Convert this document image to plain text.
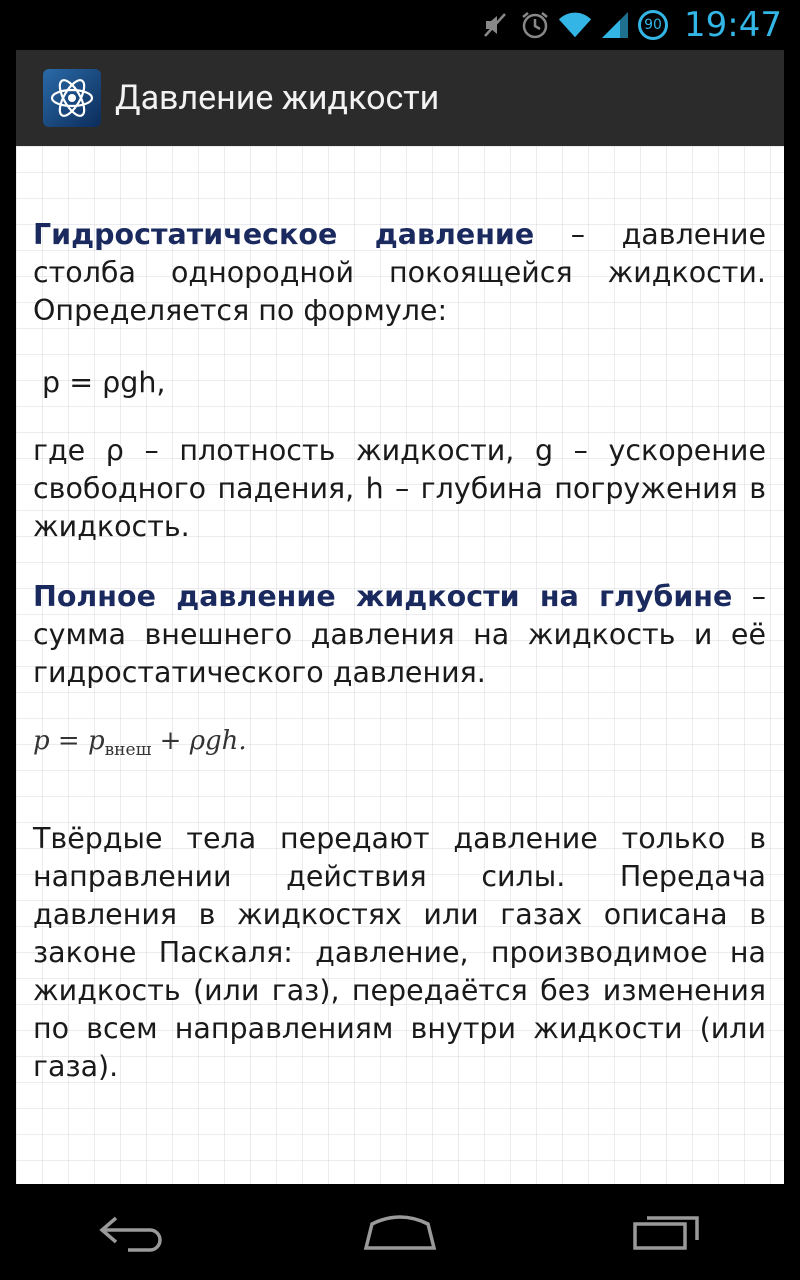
90 19:47
Давление жидкости
Гидростатическое давление – давление столба однородной покоящейся жидкости. Определяется по формуле:
p = ρgh,
где ρ – плотность жидкости, g – ускорение свободного падения, h – глубина погружения в жидкость.
Полное давление жидкости на глубине – сумма внешнего давления на жидкость и её гидростатического давления.
$p = p_{внеш} + \rho gh$.
Твёрдые тела передают давление только в направлении действия силы. Передача давления в жидкостях или газах описана в законе Паскаля: давление, производимое на жидкость (или газ), передаётся без изменения по всем направлениям внутри жидкости (или газа).
